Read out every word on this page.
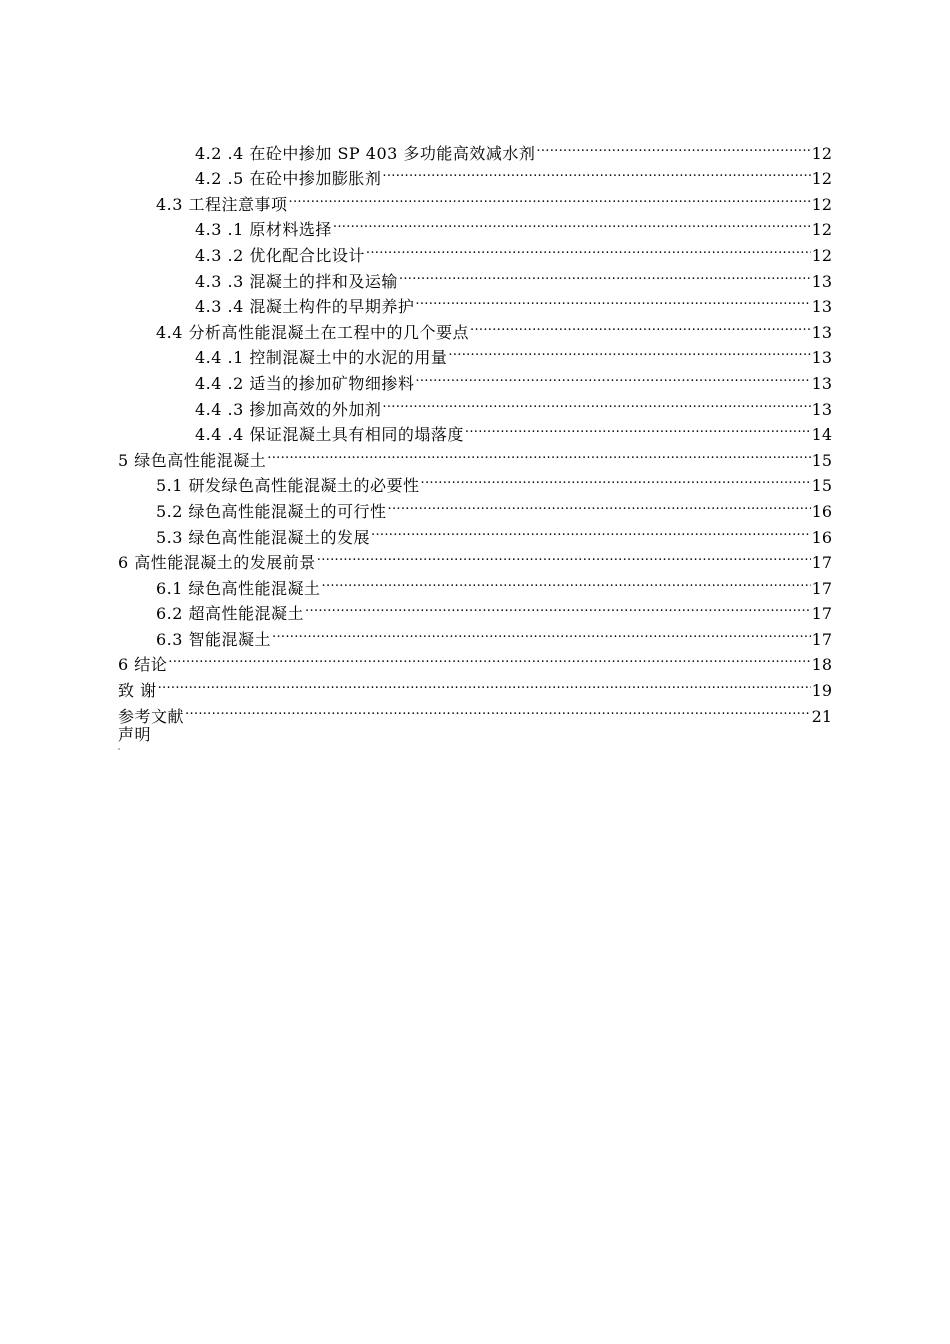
4.2 .4 在砼中掺加 SP 403 多功能高效减水剂 .....	12
4.2 .5 在砼中掺加膨胀剂 .....	12
4.3 工程注意事项 .....	12
4.3 .1 原材料选择 .....	12
4.3 .2 优化配合比设计 .....	12
4.3 .3 混凝土的拌和及运输 .....	13
4.3 .4 混凝土构件的早期养护 .....	13
4.4 分析高性能混凝土在工程中的几个要点 .....	13
4.4 .1 控制混凝土中的水泥的用量 .....	13
4.4 .2 适当的掺加矿物细掺料 .....	13
4.4 .3 掺加高效的外加剂 .....	13
4.4 .4 保证混凝土具有相同的塌落度 .....	14
5 绿色高性能混凝土 .....	15
5.1 研发绿色高性能混凝土的必要性 .....	15
5.2 绿色高性能混凝土的可行性 .....	16
5.3 绿色高性能混凝土的发展 .....	16
6 高性能混凝土的发展前景 .....	17
6.1 绿色高性能混凝土 .....	17
6.2 超高性能混凝土 .....	17
6.3 智能混凝土 .....	17
6 结论 .....	18
致 谢 .....	19
参考文献 .....	21
声明
